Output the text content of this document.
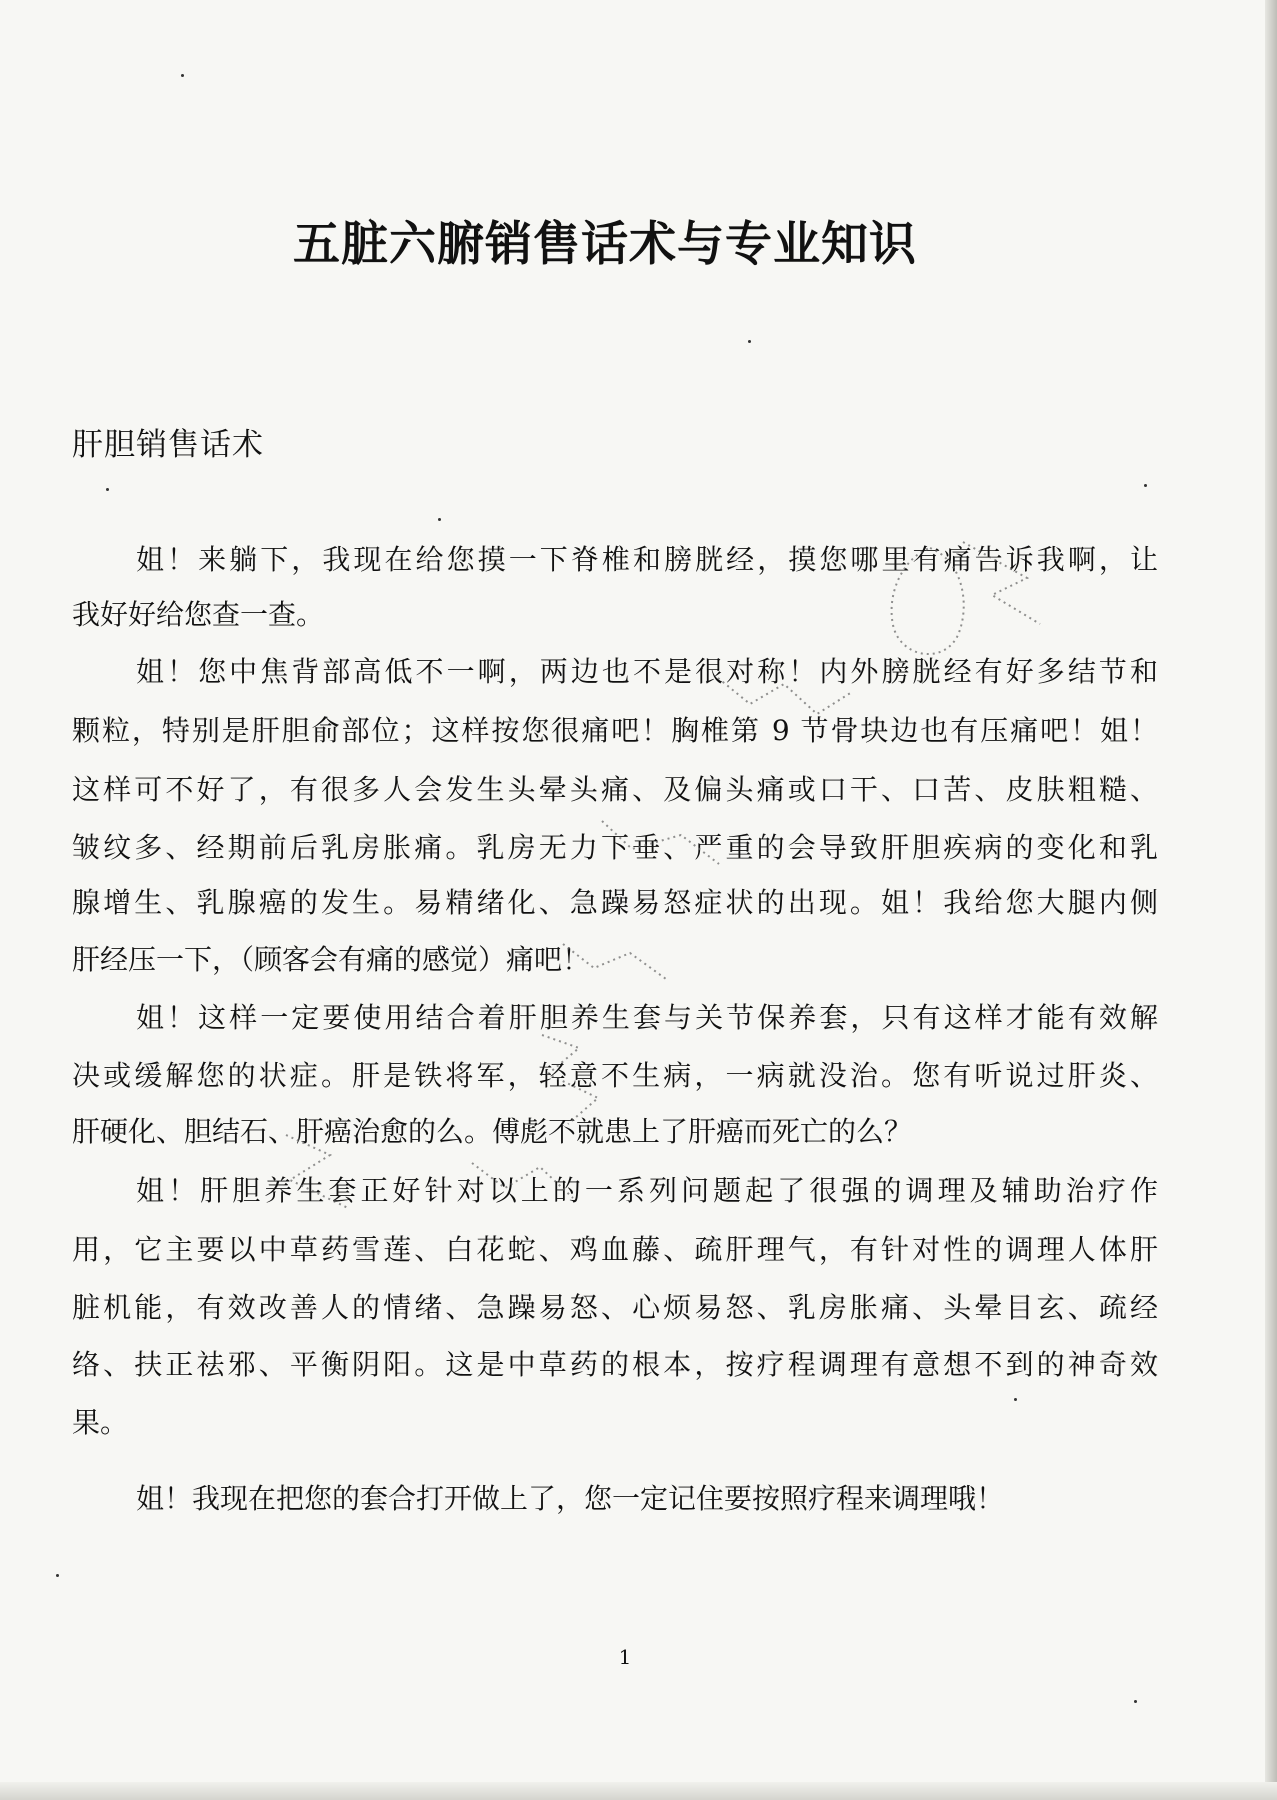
五脏六腑销售话术与专业知识
肝胆销售话术
姐！来躺下，我现在给您摸一下脊椎和膀胱经，摸您哪里有痛告诉我啊，让
我好好给您查一查。
姐！您中焦背部高低不一啊，两边也不是很对称！内外膀胱经有好多结节和
颗粒，特别是肝胆俞部位；这样按您很痛吧！胸椎第 9 节骨块边也有压痛吧！姐！
这样可不好了，有很多人会发生头晕头痛、及偏头痛或口干、口苦、皮肤粗糙、
皱纹多、经期前后乳房胀痛。乳房无力下垂、严重的会导致肝胆疾病的变化和乳
腺增生、乳腺癌的发生。易精绪化、急躁易怒症状的出现。姐！我给您大腿内侧
肝经压一下，（顾客会有痛的感觉）痛吧！
姐！这样一定要使用结合着肝胆养生套与关节保养套，只有这样才能有效解
决或缓解您的状症。肝是铁将军，轻意不生病，一病就没治。您有听说过肝炎、
肝硬化、胆结石、肝癌治愈的么。傅彪不就患上了肝癌而死亡的么？
姐！肝胆养生套正好针对以上的一系列问题起了很强的调理及辅助治疗作
用，它主要以中草药雪莲、白花蛇、鸡血藤、疏肝理气，有针对性的调理人体肝
脏机能，有效改善人的情绪、急躁易怒、心烦易怒、乳房胀痛、头晕目玄、疏经
络、扶正祛邪、平衡阴阳。这是中草药的根本，按疗程调理有意想不到的神奇效
果。
姐！我现在把您的套合打开做上了，您一定记住要按照疗程来调理哦！
1
